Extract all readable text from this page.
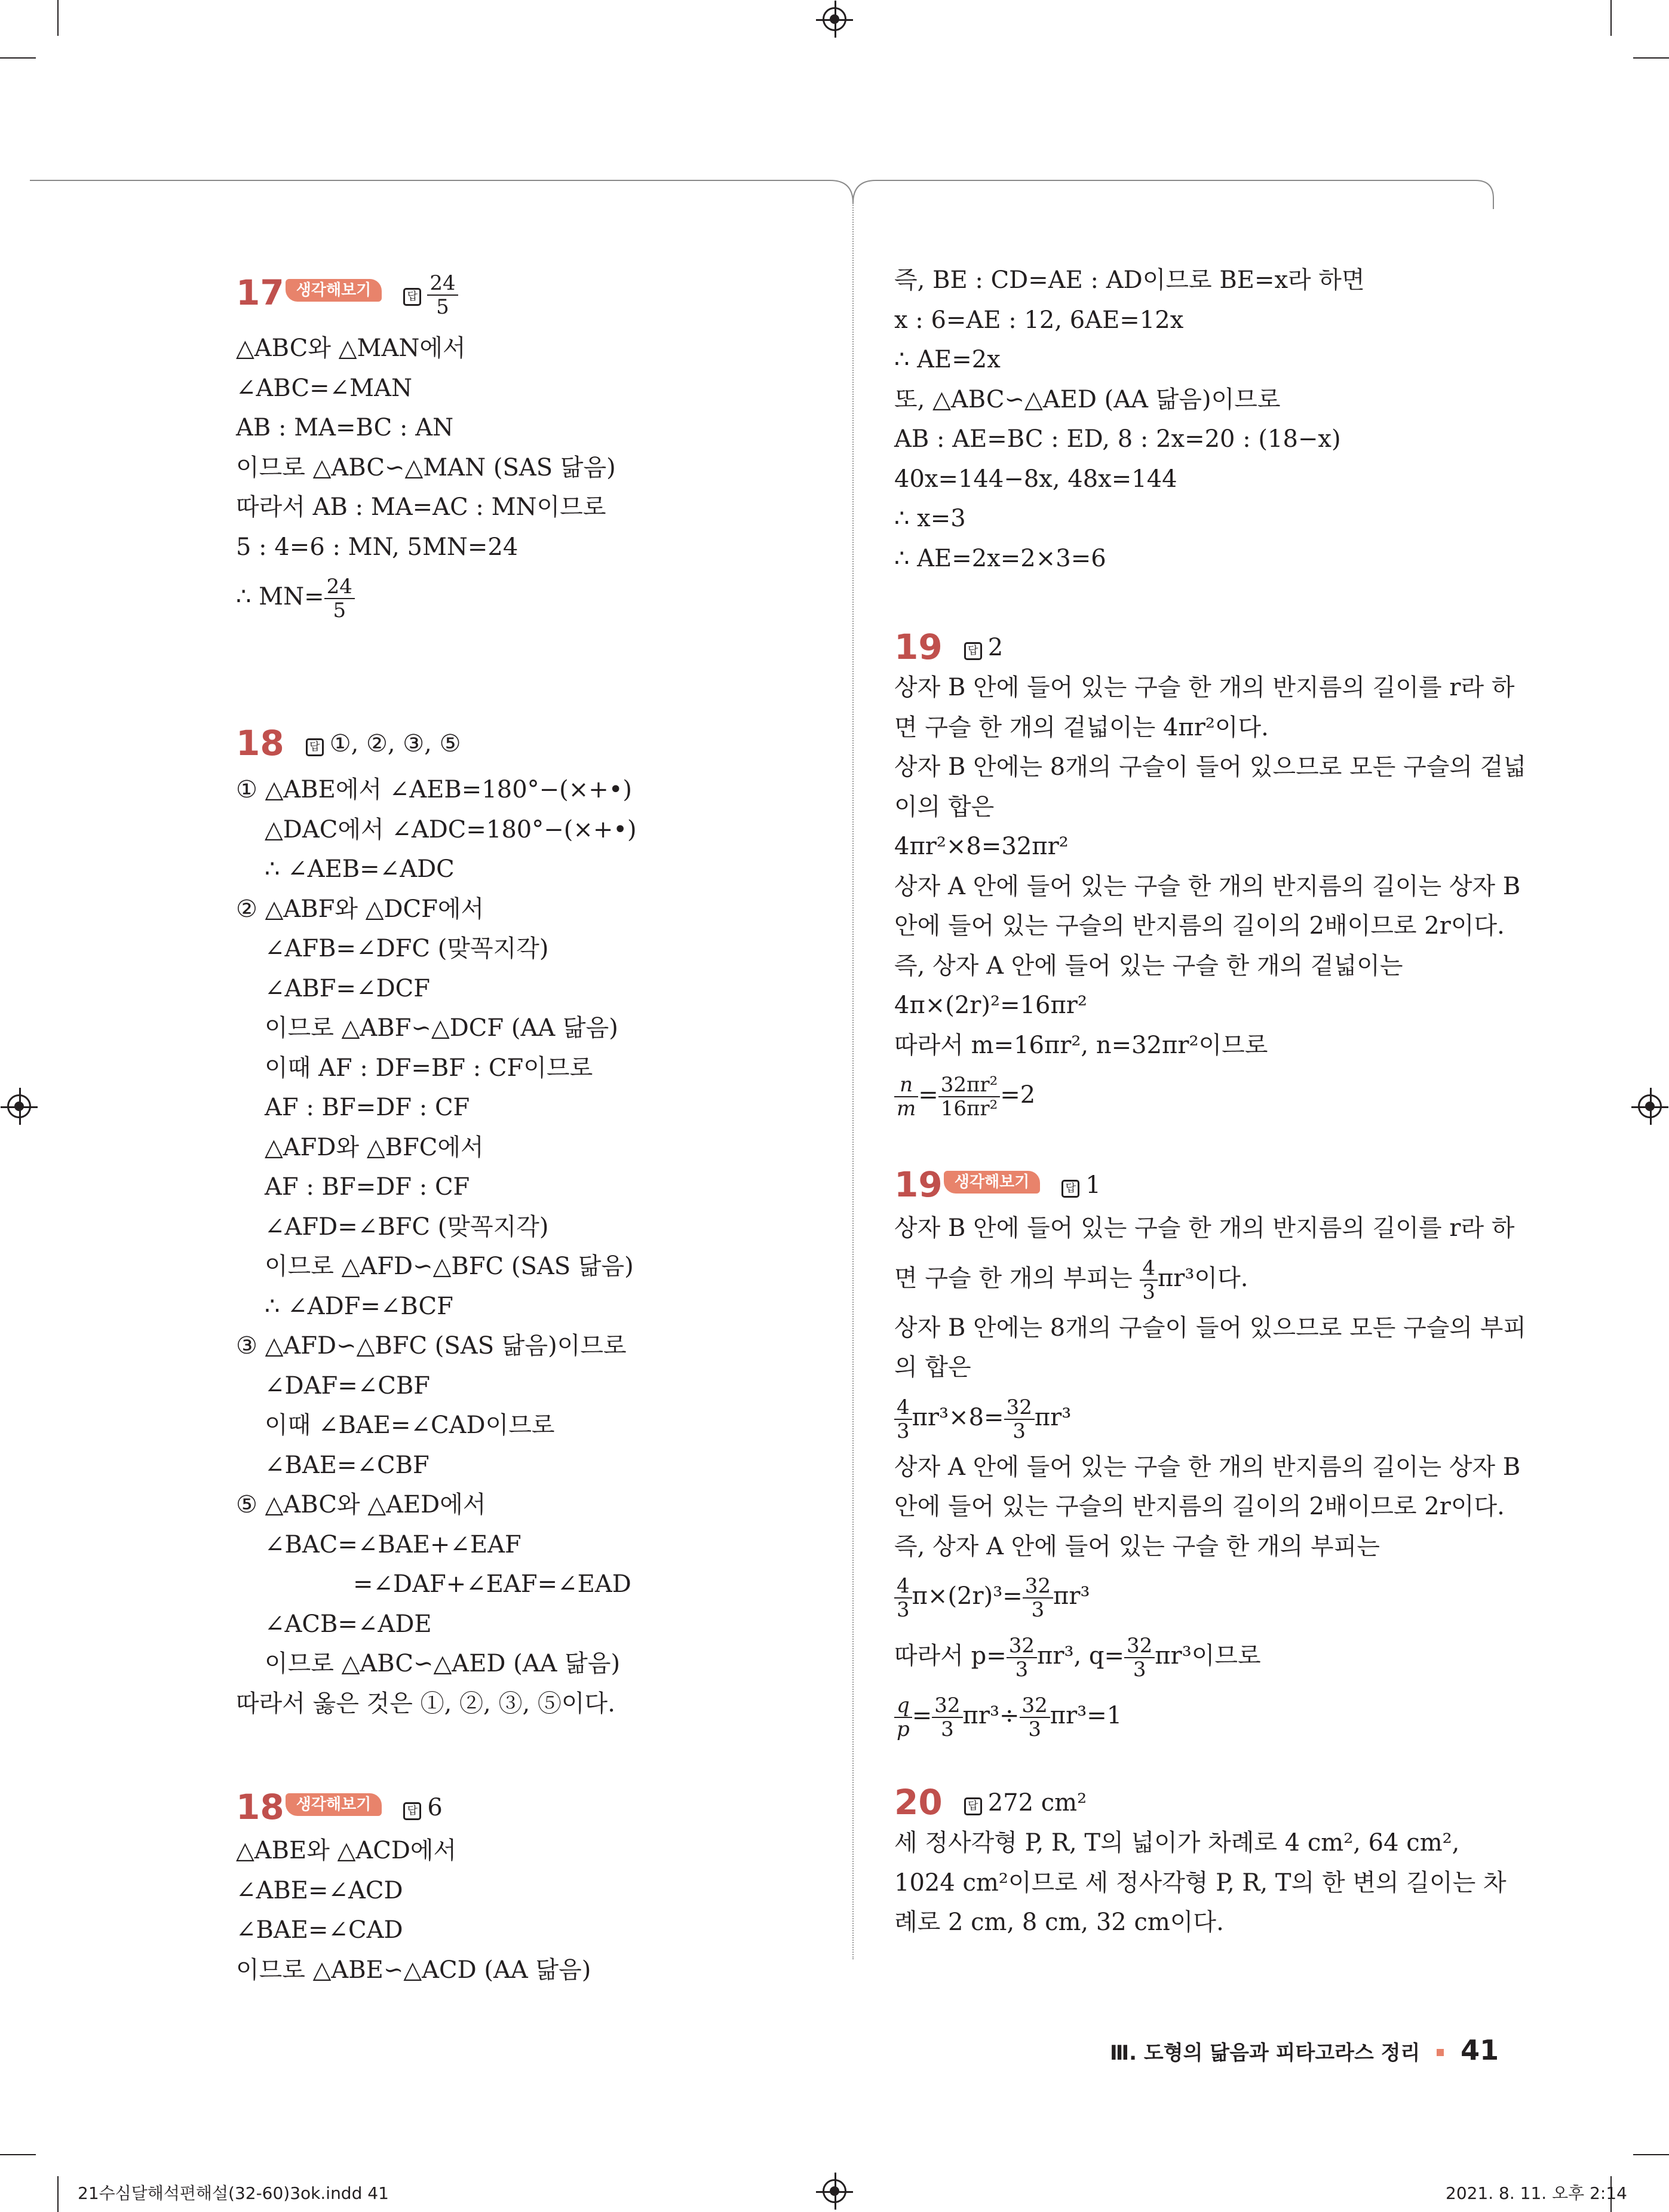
17 생각해보기	답 $\frac{24}{5}$
△ABC와 △MAN에서
∠ABC=∠MAN
AB : MA=BC : AN
이므로 △ABC∽△MAN (SAS 닮음)
따라서 AB : MA=AC : MN이므로
5 : 4=6 : MN, 5MN=24
∴ $MN= \frac{24}{5}$
18 답 ①, ②, ③, ⑤
① △ABE에서 ∠AEB=180°−(×+•)
△DAC에서 ∠ADC=180°−(×+•)
∴ ∠AEB=∠ADC
② △ABF와 △DCF에서
∠AFB=∠DFC (맞꼭지각)
∠ABF=∠DCF
이므로 △ABF∽△DCF (AA 닮음)
이때 AF : DF=BF : CF이므로
AF : BF=DF : CF
△AFD와 △BFC에서
AF : BF=DF : CF
∠AFD=∠BFC (맞꼭지각)
이므로 △AFD∽△BFC (SAS 닮음)
∴ ∠ADF=∠BCF
③ △AFD∽△BFC (SAS 닮음)이므로
∠DAF=∠CBF
이때 ∠BAE=∠CAD이므로
∠BAE=∠CBF
⑤ △ABC와 △AED에서
∠BAC=∠BAE+∠EAF
=∠DAF+∠EAF=∠EAD
∠ACB=∠ADE
이므로 △ABC∽△AED (AA 닮음)
따라서 옳은 것은 ①, ②, ③, ⑤이다.
18 생각해보기	답 6
△ABE와 △ACD에서
∠ABE=∠ACD
∠BAE=∠CAD
이므로 △ABE∽△ACD (AA 닮음)
즉, BE : CD=AE : AD이므로 BE=x라 하면
x : 6=AE : 12, 6AE=12x
∴ AE=2x
또, △ABC∽△AED (AA 닮음)이므로
AB : AE=BC : ED, 8 : 2x=20 : (18−x)
40x=144−8x, 48x=144
∴ x=3
∴ AE=2x=2×3=6
19 답 2
상자 B 안에 들어 있는 구슬 한 개의 반지름의 길이를 r라 하
면 구슬 한 개의 겉넓이는 4πr²이다.
상자 B 안에는 8개의 구슬이 들어 있으므로 모든 구슬의 겉넓
이의 합은
4πr²×8=32πr²
상자 A 안에 들어 있는 구슬 한 개의 반지름의 길이는 상자 B
안에 들어 있는 구슬의 반지름의 길이의 2배이므로 2r이다.
즉, 상자 A 안에 들어 있는 구슬 한 개의 겉넓이는
4π×(2r)²=16πr²
따라서 m=16πr², n=32πr²이므로
$\frac{n}{m} = \frac{\text{32πr²}}{\text{16πr²}} =2$
19 생각해보기	답 1
상자 B 안에 들어 있는 구슬 한 개의 반지름의 길이를 r라 하
면 구슬 한 개의 부피는 $\frac{4}{3} \pi r^3$이다.
상자 B 안에는 8개의 구슬이 들어 있으므로 모든 구슬의 부피
의 합은
$\frac{4}{3} \pi r^3\times 8= \frac{32}{3} \pi r^3$
상자 A 안에 들어 있는 구슬 한 개의 반지름의 길이는 상자 B
안에 들어 있는 구슬의 반지름의 길이의 2배이므로 2r이다.
즉, 상자 A 안에 들어 있는 구슬 한 개의 부피는
$\frac{4}{3} \pi\times(2r)^3= \frac{32}{3} \pi r^3$
따라서 $p= \frac{32}{3} \pi r^3$, $q= \frac{32}{3} \pi r^3$이므로
$\frac{q}{p} = \frac{32}{3} \pi r^3\div \frac{32}{3} \pi r^3=1$
20 답 272 cm²
세 정사각형 P, R, T의 넓이가 차례로 4 cm², 64 cm²,
1024 cm²이므로 세 정사각형 P, R, T의 한 변의 길이는 차
례로 2 cm, 8 cm, 32 cm이다.
Ⅲ. 도형의 닮음과 피타고라스 정리 41
21수심달해석편해설(32-60)3ok.indd 41	2021. 8. 11. 오후 2:14
